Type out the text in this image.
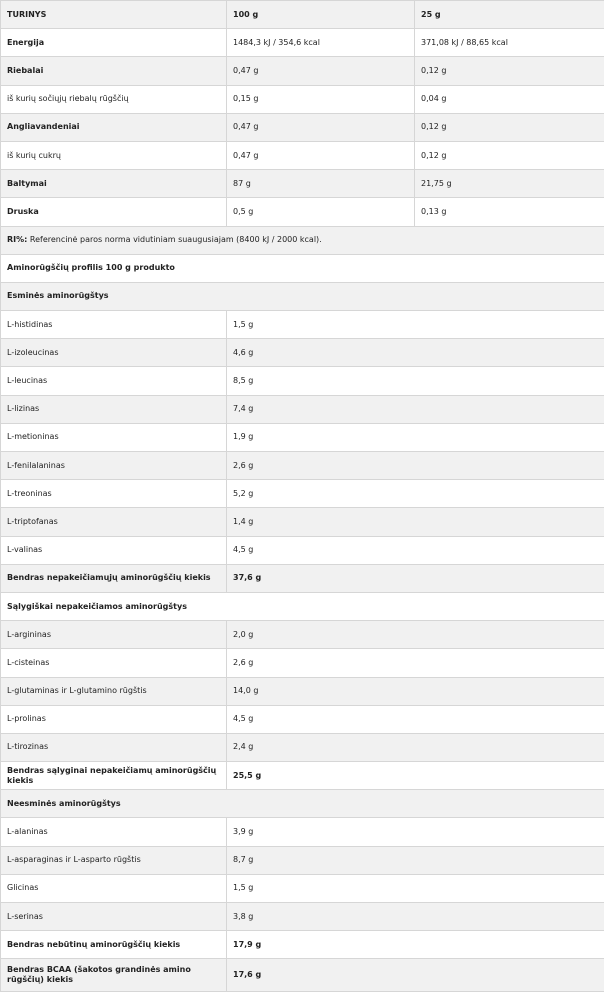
TURINYS	100 g	25 g
Energija	1484,3 kJ / 354,6 kcal	371,08 kJ / 88,65 kcal
Riebalai	0,47 g	0,12 g
iš kurių sočiųjų riebalų rūgščių	0,15 g	0,04 g
Angliavandeniai	0,47 g	0,12 g
iš kurių cukrų	0,47 g	0,12 g
Baltymai	87 g	21,75 g
Druska	0,5 g	0,13 g
RI%: Referencinė paros norma vidutiniam suaugusiajam (8400 kJ / 2000 kcal).		
Aminorūgščių profilis 100 g produkto		
Esminės aminorūgštys		
L-histidinas	1,5 g	
L-izoleucinas	4,6 g	
L-leucinas	8,5 g	
L-lizinas	7,4 g	
L-metioninas	1,9 g	
L-fenilalaninas	2,6 g	
L-treoninas	5,2 g	
L-triptofanas	1,4 g	
L-valinas	4,5 g	
Bendras nepakeičiamųjų aminorūgščių kiekis	37,6 g	
Sąlygiškai nepakeičiamos aminorūgštys		
L-argininas	2,0 g	
L-cisteinas	2,6 g	
L-glutaminas ir L-glutamino rūgštis	14,0 g	
L-prolinas	4,5 g	
L-tirozinas	2,4 g	
Bendras sąlyginai nepakeičiamų aminorūgščių kiekis	25,5 g	
Neesminės aminorūgštys		
L-alaninas	3,9 g	
L-asparaginas ir L-asparto rūgštis	8,7 g	
Glicinas	1,5 g	
L-serinas	3,8 g	
Bendras nebūtinų aminorūgščių kiekis	17,9 g	
Bendras BCAA (šakotos grandinės amino rūgščių) kiekis	17,6 g	
